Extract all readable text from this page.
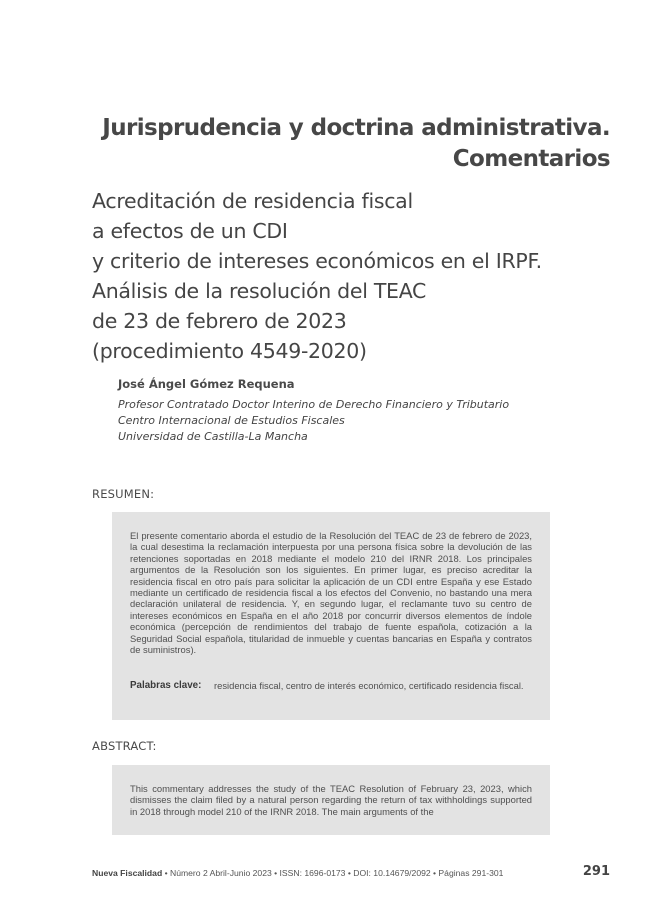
Jurisprudencia y doctrina administrativa.
Comentarios
Acreditación de residencia fiscal
a efectos de un CDI
y criterio de intereses económicos en el IRPF.
Análisis de la resolución del TEAC
de 23 de febrero de 2023
(procedimiento 4549-2020)
José Ángel Gómez Requena
Profesor Contratado Doctor Interino de Derecho Financiero y Tributario
Centro Internacional de Estudios Fiscales
Universidad de Castilla-La Mancha
RESUMEN:
El presente comentario aborda el estudio de la Resolución del TEAC de 23 de febrero de 2023, la cual desestima la reclamación interpuesta por una persona física sobre la devolución de las retenciones soportadas en 2018 mediante el modelo 210 del IRNR 2018. Los principales argumentos de la Resolución son los siguientes. En primer lugar, es preciso acreditar la residencia fiscal en otro país para solicitar la aplicación de un CDI entre España y ese Estado mediante un certificado de residencia fiscal a los efectos del Convenio, no bastando una mera declaración unilateral de residencia. Y, en segundo lugar, el reclamante tuvo su centro de intereses económicos en España en el año 2018 por concurrir diversos elementos de índole económica (percepción de rendimientos del trabajo de fuente española, cotización a la Seguridad Social española, titularidad de inmueble y cuentas bancarias en España y contratos de suministros).
Palabras clave:	residencia fiscal, centro de interés económico, certificado residencia fiscal.
ABSTRACT:
This commentary addresses the study of the TEAC Resolution of February 23, 2023, which dismisses the claim filed by a natural person regarding the return of tax withholdings supported in 2018 through model 210 of the IRNR 2018. The main arguments of the
Nueva Fiscalidad • Número 2 Abril-Junio 2023 • ISSN: 1696-0173 • DOI: 10.14679/2092 • Páginas 291-301	291
